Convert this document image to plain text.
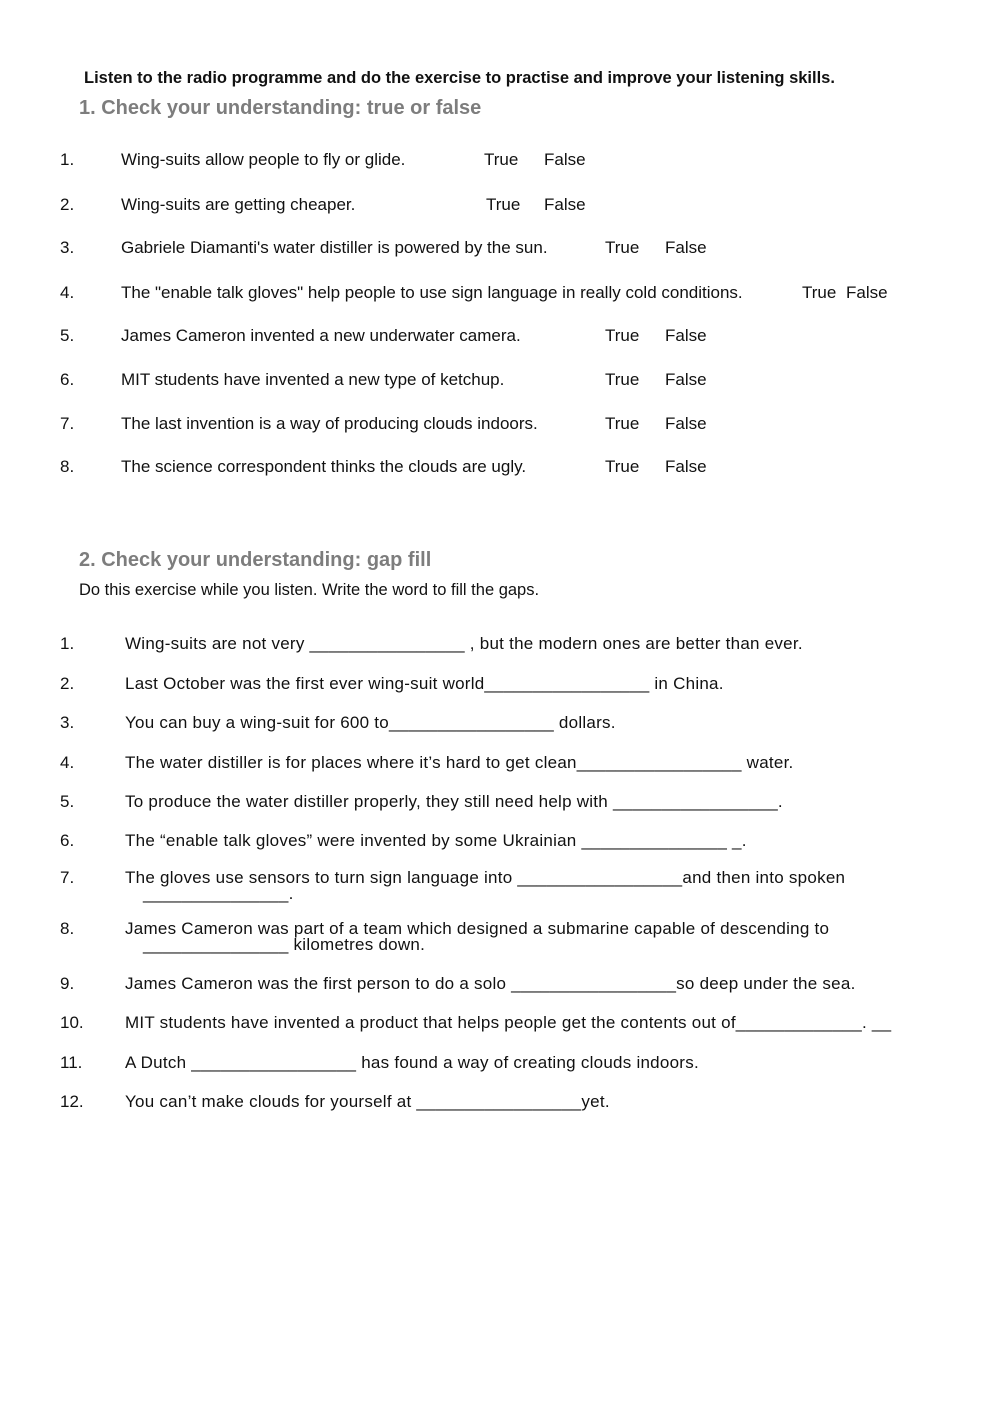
Listen to the radio programme and do the exercise to practise and improve your listening skills.
1. Check your understanding: true or false
1.	Wing-suits allow people to fly or glide.	True False
2.	Wing-suits are getting cheaper.	True False
3.	Gabriele Diamanti's water distiller is powered by the sun.	True False
4.	The "enable talk gloves" help people to use sign language in really cold conditions.	True False
5.	James Cameron invented a new underwater camera.	True False
6.	MIT students have invented a new type of ketchup.	True False
7.	The last invention is a way of producing clouds indoors.	True False
8.	The science correspondent thinks the clouds are ugly.	True False
2. Check your understanding: gap fill
Do this exercise while you listen. Write the word to fill the gaps.
1.	Wing-suits are not very ________________ , but the modern ones are better than ever.
2.	Last October was the first ever wing-suit world_________________ in China.
3.	You can buy a wing-suit for 600 to_________________ dollars.
4.	The water distiller is for places where it’s hard to get clean_________________ water.
5.	To produce the water distiller properly, they still need help with _________________.
6.	The “enable talk gloves” were invented by some Ukrainian _______________ _.
7.	The gloves use sensors to turn sign language into _________________and then into spoken
_______________.
8.	James Cameron was part of a team which designed a submarine capable of descending to
_______________ kilometres down.
9.	James Cameron was the first person to do a solo _________________so deep under the sea.
10. MIT students have invented a product that helps people get the contents out of_____________. __
11.	A Dutch _________________ has found a way of creating clouds indoors.
12. You can’t make clouds for yourself at _________________yet.
